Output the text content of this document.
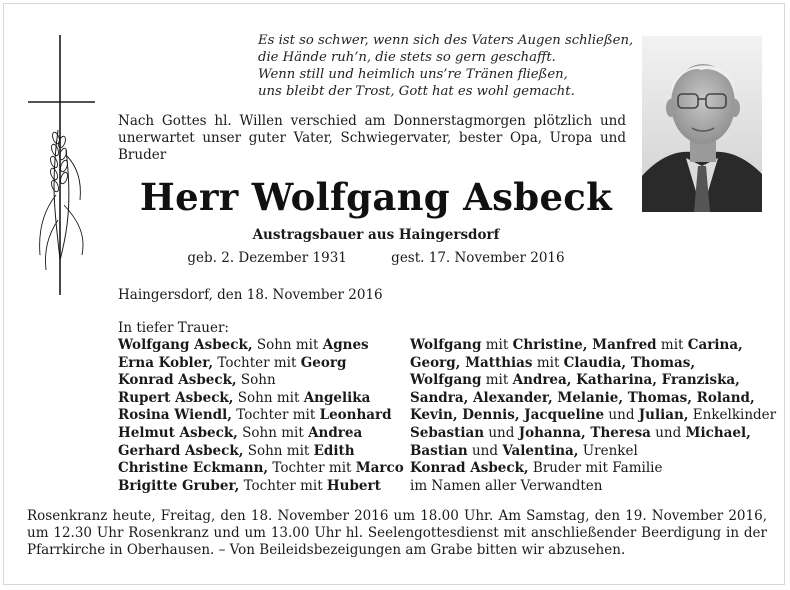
Es ist so schwer, wenn sich des Vaters Augen schließen,
die Hände ruh’n, die stets so gern geschafft.
Wenn still und heimlich uns’re Tränen fließen,
uns bleibt der Trost, Gott hat es wohl gemacht.
Nach Gottes hl. Willen verschied am Donnerstagmorgen plötzlich und unerwartet unser guter Vater, Schwiegervater, bester Opa, Uropa und Bruder
Herr Wolfgang Asbeck
Austragsbauer aus Haingersdorf
geb. 2. Dezember 1931	gest. 17. November 2016
Haingersdorf, den 18. November 2016
In tiefer Trauer:
Wolfgang Asbeck, Sohn mit Agnes
Erna Kobler, Tochter mit Georg
Konrad Asbeck, Sohn
Rupert Asbeck, Sohn mit Angelika
Rosina Wiendl, Tochter mit Leonhard
Helmut Asbeck, Sohn mit Andrea
Gerhard Asbeck, Sohn mit Edith
Christine Eckmann, Tochter mit Marco
Brigitte Gruber, Tochter mit Hubert
Wolfgang mit Christine, Manfred mit Carina,
Georg, Matthias mit Claudia, Thomas,
Wolfgang mit Andrea, Katharina, Franziska,
Sandra, Alexander, Melanie, Thomas, Roland,
Kevin, Dennis, Jacqueline und Julian, Enkelkinder
Sebastian und Johanna, Theresa und Michael,
Bastian und Valentina, Urenkel
Konrad Asbeck, Bruder mit Familie
im Namen aller Verwandten
Rosenkranz heute, Freitag, den 18. November 2016 um 18.00 Uhr. Am Samstag, den 19. November 2016, um 12.30 Uhr Rosenkranz und um 13.00 Uhr hl. Seelengottesdienst mit anschließender Beerdigung in der Pfarrkirche in Oberhausen. – Von Beileidsbezeigungen am Grabe bitten wir abzusehen.
